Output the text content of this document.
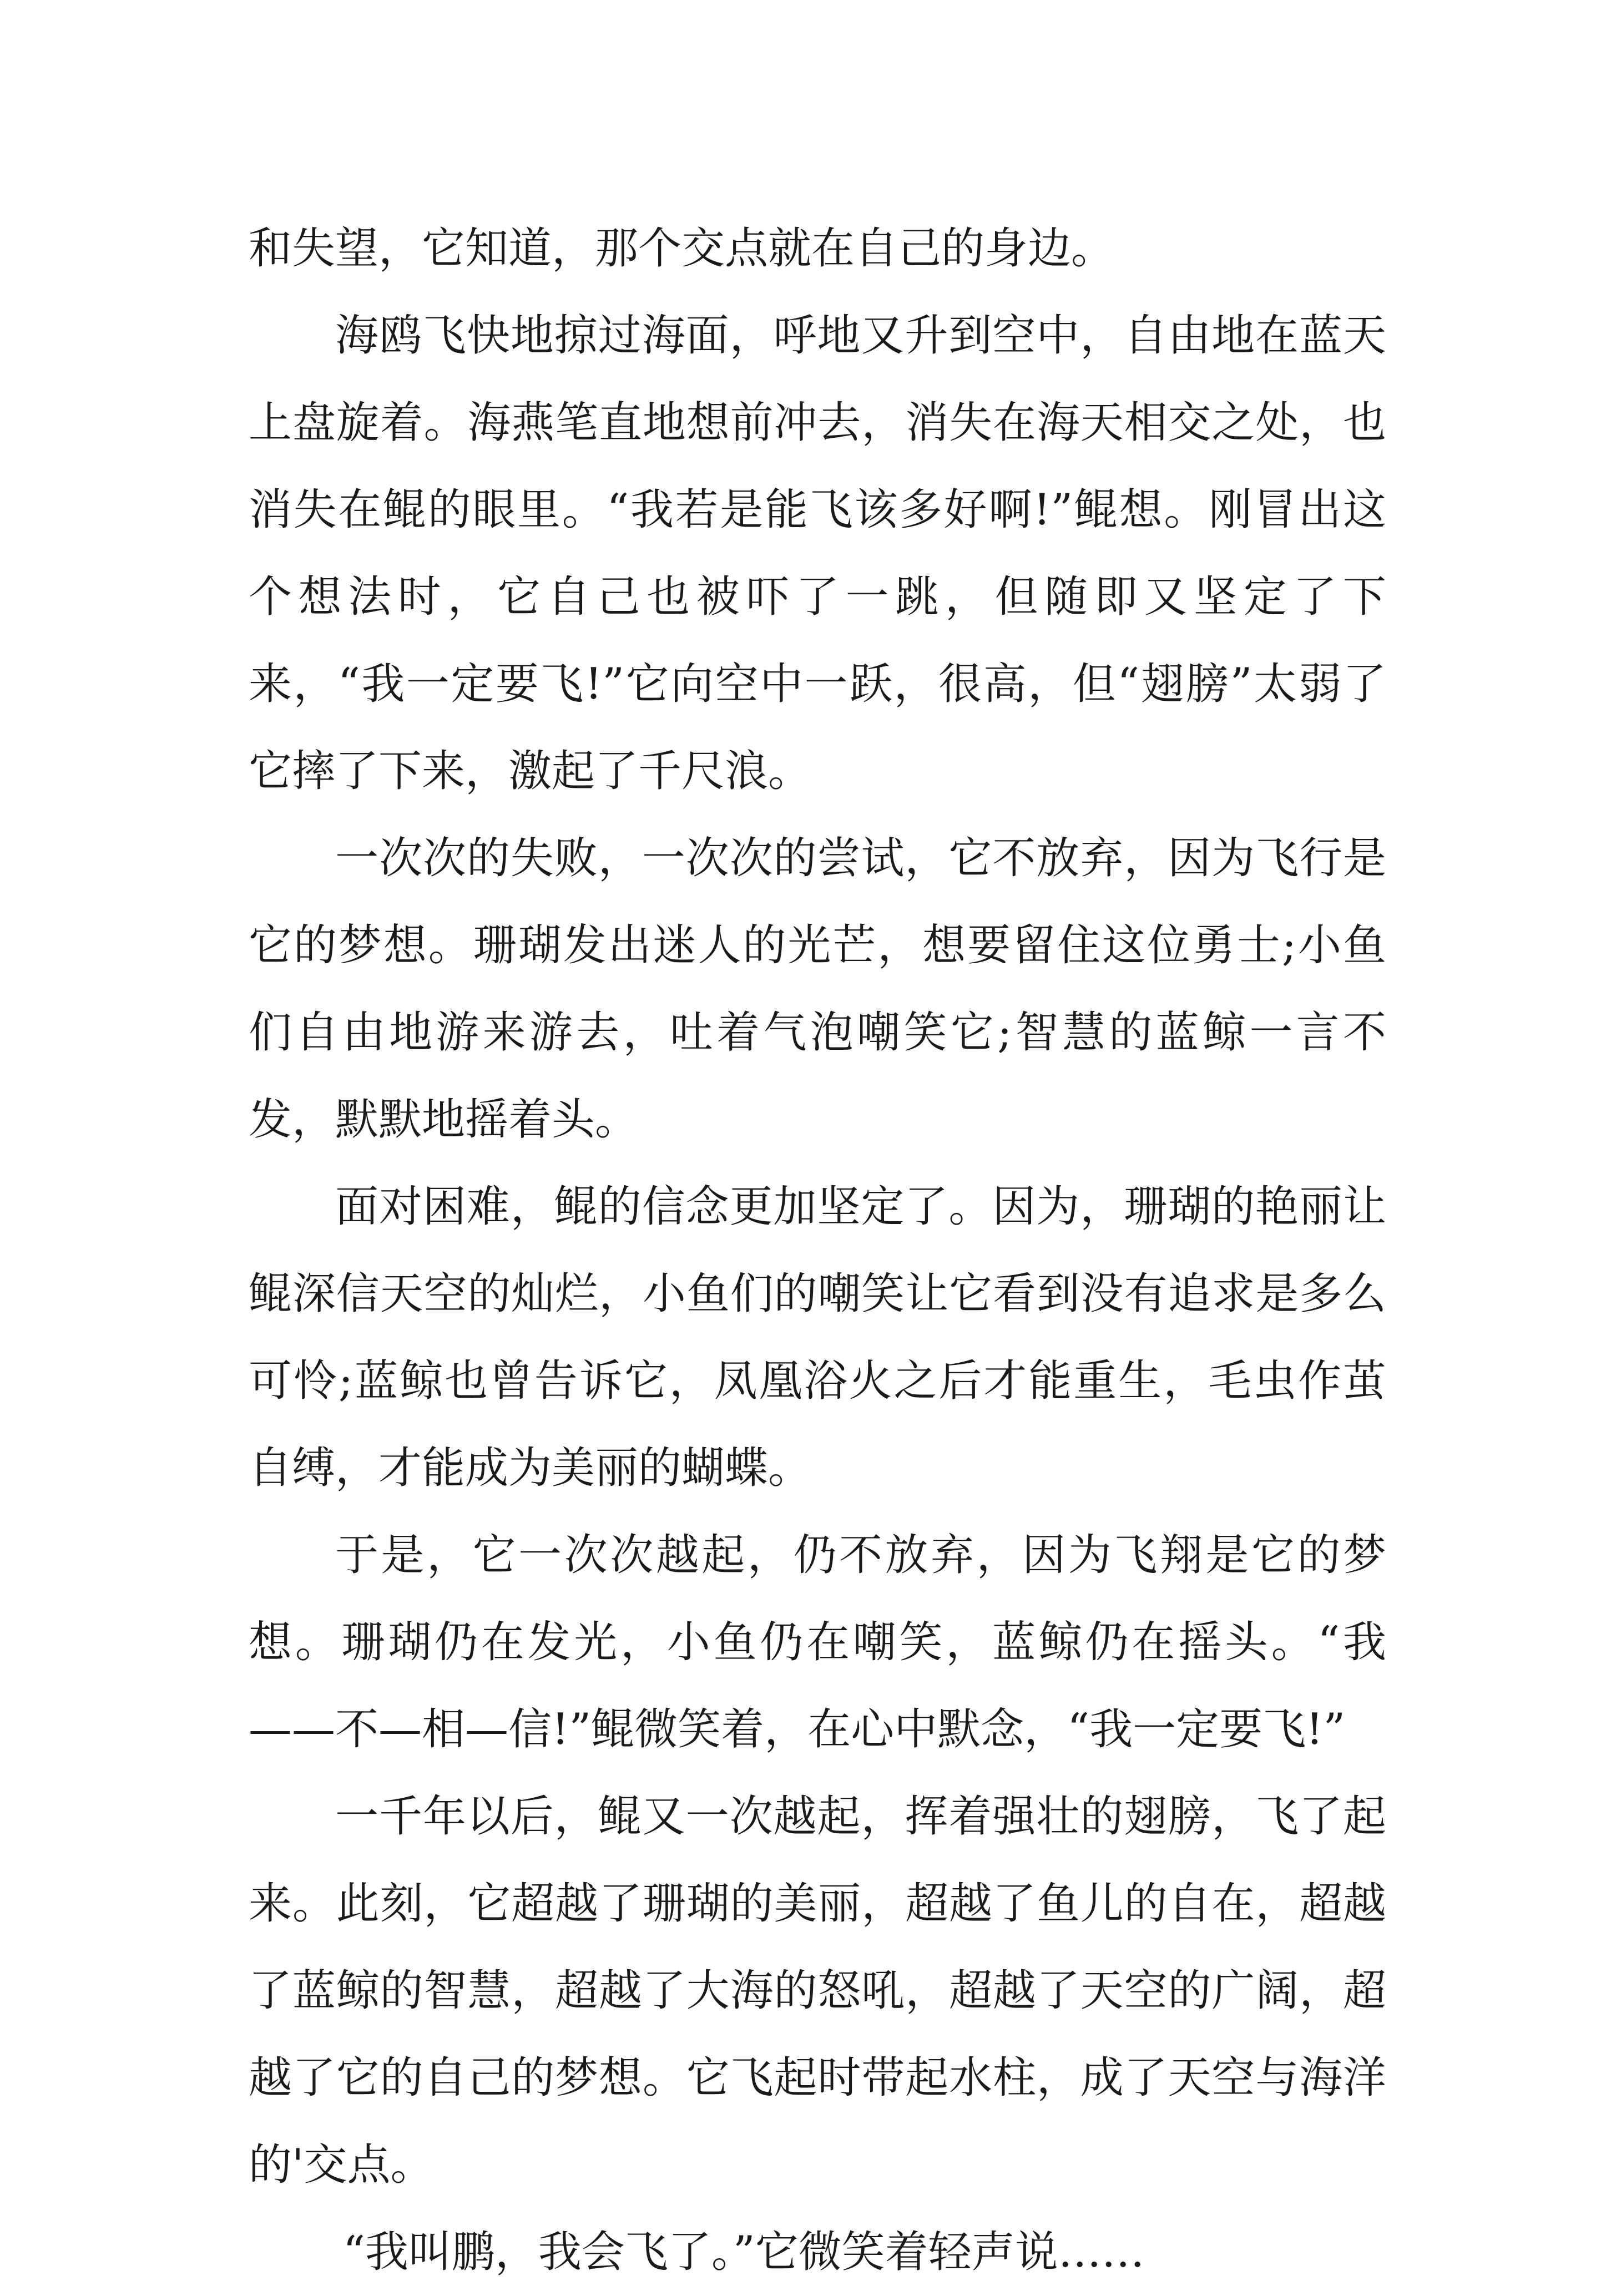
和失望，它知道，那个交点就在自己的身边。

海鸥飞快地掠过海面，呼地又升到空中，自由地在蓝天上盘旋着。海燕笔直地想前冲去，消失在海天相交之处，也消失在鲲的眼里。“我若是能飞该多好啊!”鲲想。刚冒出这个想法时，它自己也被吓了一跳，但随即又坚定了下来，“我一定要飞!”它向空中一跃，很高，但“翅膀”太弱了它摔了下来，激起了千尺浪。

一次次的失败，一次次的尝试，它不放弃，因为飞行是它的梦想。珊瑚发出迷人的光芒，想要留住这位勇士;小鱼们自由地游来游去，吐着气泡嘲笑它;智慧的蓝鲸一言不发，默默地摇着头。

面对困难，鲲的信念更加坚定了。因为，珊瑚的艳丽让鲲深信天空的灿烂，小鱼们的嘲笑让它看到没有追求是多么可怜;蓝鲸也曾告诉它，凤凰浴火之后才能重生，毛虫作茧自缚，才能成为美丽的蝴蝶。

于是，它一次次越起，仍不放弃，因为飞翔是它的梦想。珊瑚仍在发光，小鱼仍在嘲笑，蓝鲸仍在摇头。“我——不—相—信!”鲲微笑着，在心中默念，“我一定要飞!”

一千年以后，鲲又一次越起，挥着强壮的翅膀，飞了起来。此刻，它超越了珊瑚的美丽，超越了鱼儿的自在，超越了蓝鲸的智慧，超越了大海的怒吼，超越了天空的广阔，超越了它的自己的梦想。它飞起时带起水柱，成了天空与海洋的'交点。

“我叫鹏，我会飞了。”它微笑着轻声说……
